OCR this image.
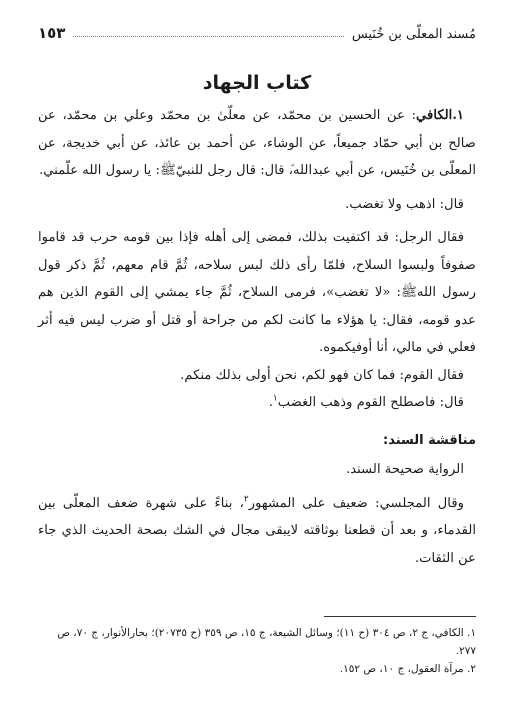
مُسند المعلّى بن خُنَيس
١٥٣
كتاب الجهاد

١.الكافي: عن الحسين بن محمّد، عن معلّىٰ بن محمّد وعلي بن محمّد، عن صالح بن أبي حمّاد جميعاً، عن الوشاء، عن أحمد بن عائذ، عن أبي خديجة، عن المعلّى بن خُنَيس، عن أبي عبدالله‏ؑ، قال: قال رجل للنبيّ‏ﷺ: يا رسول الله علّمني.

قال: اذهب ولا تغضب.

فقال الرجل: قد اكتفيت بذلك، فمضى إلى أهله فإذا بين قومه حرب قد قاموا صفوفاً ولبسوا السلاح، فلمّا رأى ذلك لبس سلاحه، ثُمَّ قام معهم، ثُمَّ ذكر قول رسول الله‏ﷺ: «لا تغضب»، فرمى السلاح، ثُمَّ جاء يمشي إلى القوم الذين هم عدو قومه، فقال: يا هؤلاء ما كانت لكم من جراحة أو قتل أو ضرب ليس فيه أثر فعلي في مالي، أنا أوفيكموه.

فقال القوم: فما كان فهو لكم، نحن أولى بذلك منكم.

قال: فاصطلح القوم وذهب الغضب$^١$.

مناقشة السند:

الرواية صحيحة السند.

وقال المجلسي: ضعيف على المشهور$^٢$، بناءً على شهرة ضعف المعلّى بين القدماء، و بعد أن قطعنا بوثاقته لايبقى مجال في الشك بصحة الحديث الذي جاء عن الثقات.

١. الكافي، ج ٢، ص ٣٠٤ (ح ١١)؛ وسائل الشيعة، ج ١٥، ص ٣٥٩ (ح ٢٠٧٣٥)؛ بحارالأنوار، ج ٧٠، ص ٢٧٧.

٢. مرآة العقول، ج ١٠، ص ١٥٢.
